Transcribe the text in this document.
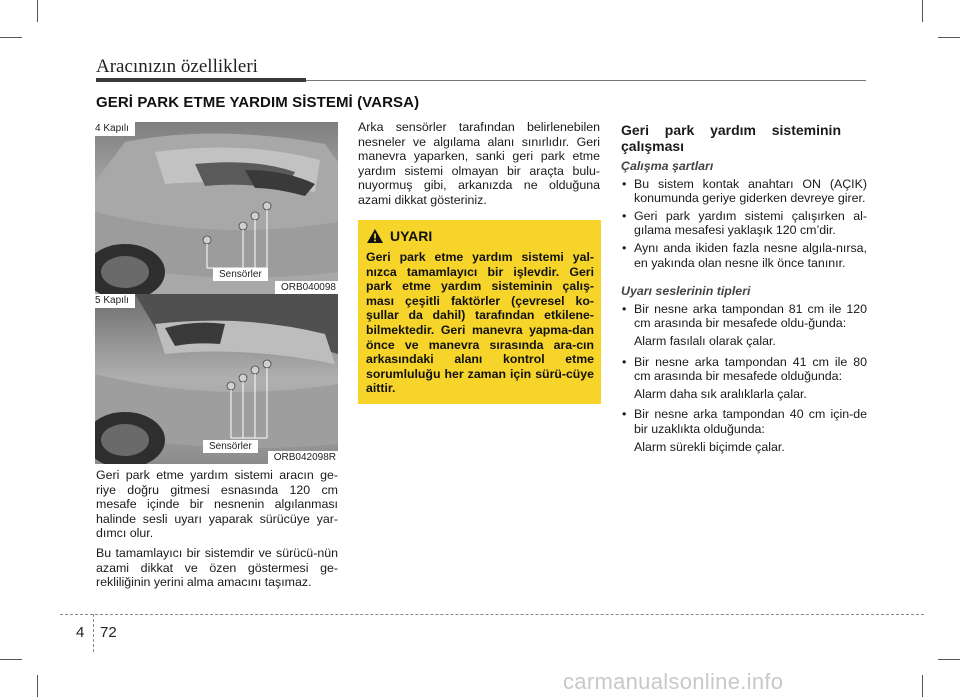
Aracınızın özellikleri
GERİ PARK ETME YARDIM SİSTEMİ (VARSA)
4 Kapılı
Sensörler
ORB040098
5 Kapılı
Sensörler
ORB042098R

Geri park etme yardım sistemi aracın ge-riye doğru gitmesi esnasında 120 cm mesafe içinde bir nesnenin algılanması halinde sesli uyarı yaparak sürücüye yar-dımcı olur.

Bu tamamlayıcı bir sistemdir ve sürücü-nün azami dikkat ve özen göstermesi ge-rekliliğinin yerini alma amacını taşımaz.

Arka sensörler tarafından belirlenebilen nesneler ve algılama alanı sınırlıdır. Geri manevra yaparken, sanki geri park etme yardım sistemi olmayan bir araçta bulu-nuyormuş gibi, arkanızda ne olduğuna azami dikkat gösteriniz.

UYARI
Geri park etme yardım sistemi yal-nızca tamamlayıcı bir işlevdir. Geri park etme yardım sisteminin çalış-ması çeşitli faktörler (çevresel ko-şullar da dahil) tarafından etkilene-bilmektedir. Geri manevra yapma-dan önce ve manevra sırasında ara-cın arkasındaki alanı kontrol etme sorumluluğu her zaman için sürü-cüye aittir.
Geri park yardım sisteminin çalışması
Çalışma şartları
• Bu sistem kontak anahtarı ON (AÇIK) konumunda geriye giderken devreye girer.
• Geri park yardım sistemi çalışırken al-gılama mesafesi yaklaşık 120 cm’dir.
• Aynı anda ikiden fazla nesne algıla-nırsa, en yakında olan nesne ilk önce tanınır.
Uyarı seslerinin tipleri
• Bir nesne arka tampondan 81 cm ile 120 cm arasında bir mesafede oldu-ğunda:
Alarm fasılalı olarak çalar.
• Bir nesne arka tampondan 41 cm ile 80 cm arasında bir mesafede olduğunda:
Alarm daha sık aralıklarla çalar.
• Bir nesne arka tampondan 40 cm için-de bir uzaklıkta olduğunda:
Alarm sürekli biçimde çalar.
4 72
carmanualsonline.info
